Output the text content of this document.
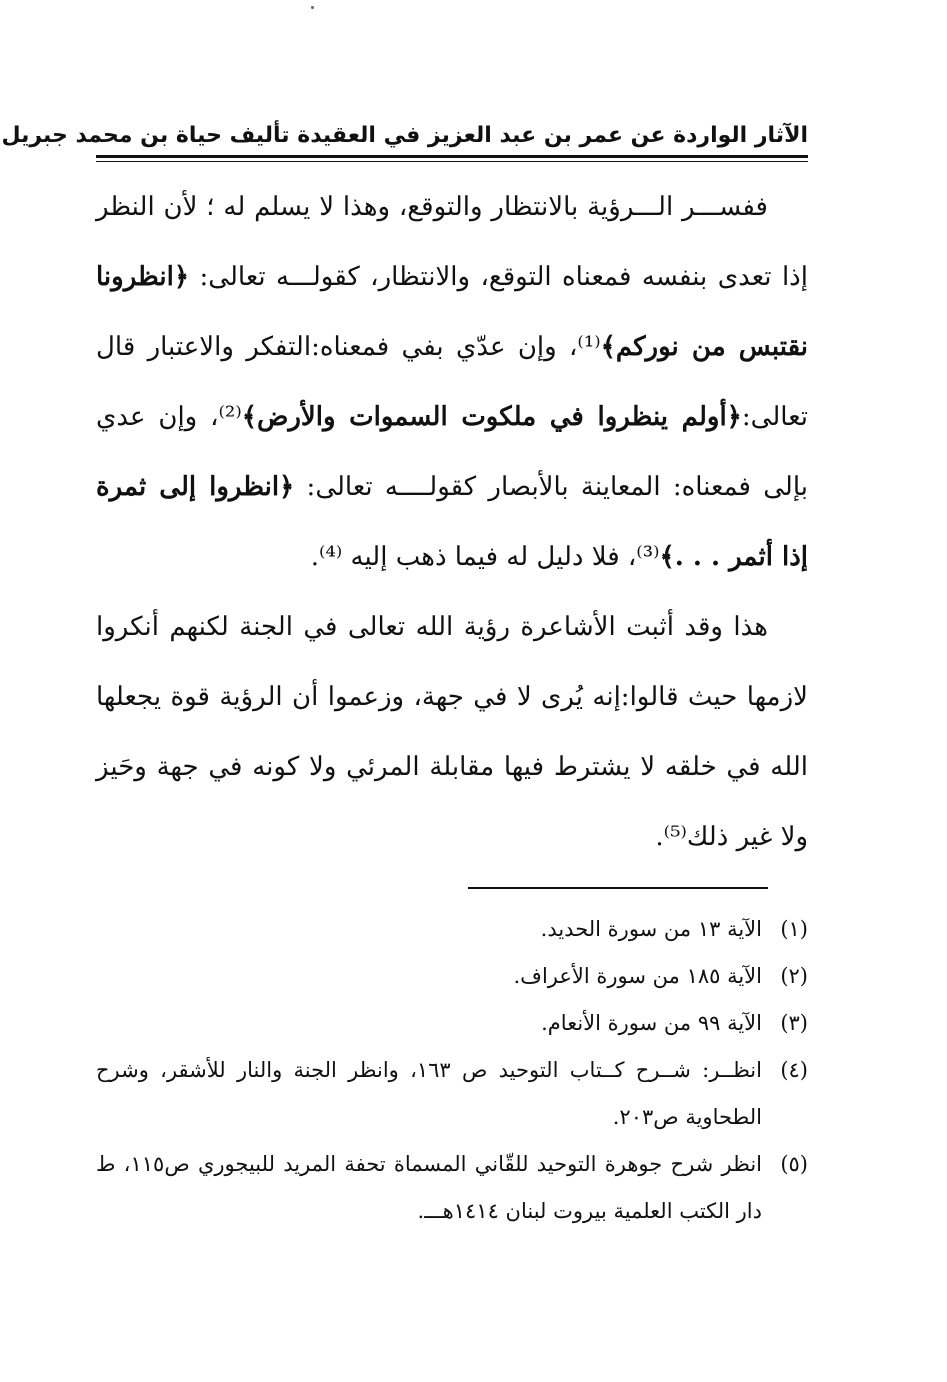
الآثار الواردة عن عمر بن عبد العزيز في العقيدة تأليف حياة بن محمد جبريل

ففســـر الـــرؤية بالانتظار والتوقع، وهذا لا يسلم له ؛ لأن النظر إذا تعدى بنفسه فمعناه التوقع، والانتظار، كقولـــه تعالى: ﴿انظرونا نقتبس من نوركم﴾⁽¹⁾، وإن عدّي بفي فمعناه:التفكر والاعتبار قال تعالى:﴿أولم ينظروا في ملكوت السموات والأرض﴾⁽²⁾، وإن عدي بإلى فمعناه: المعاينة بالأبصار كقولــــه تعالى: ﴿انظروا إلى ثمرة إذا أثمر . . .﴾⁽³⁾، فلا دليل له فيما ذهب إليه ⁽⁴⁾.

هذا وقد أثبت الأشاعرة رؤية الله تعالى في الجنة لكنهم أنكروا لازمها حيث قالوا:إنه يُرى لا في جهة، وزعموا أن الرؤية قوة يجعلها الله في خلقه لا يشترط فيها مقابلة المرئي ولا كونه في جهة وحَيز ولا غير ذلك⁽⁵⁾.

(١)
الآية ١٣ من سورة الحديد.
(٢)
الآية ١٨٥ من سورة الأعراف.
(٣)
الآية ٩٩ من سورة الأنعام.
(٤)
انظــر: شــرح كــتاب التوحيد ص ١٦٣، وانظر الجنة والنار للأشقر، وشرح الطحاوية ص٢٠٣.
(٥)
انظر شرح جوهرة التوحيد للقّاني المسماة تحفة المريد للبيجوري ص١١٥، ط دار الكتب العلمية بيروت لبنان ١٤١٤هـــ.
